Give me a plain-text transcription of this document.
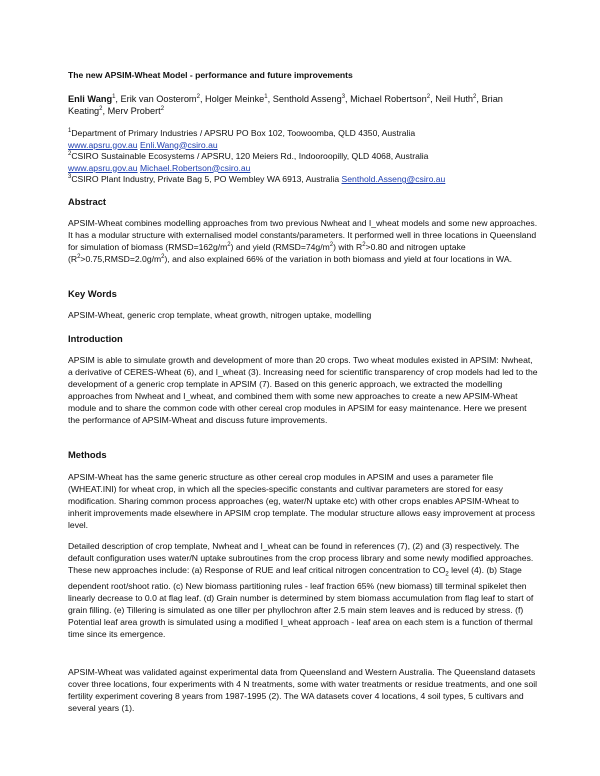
The new APSIM-Wheat Model - performance and future improvements
Enli Wang$^1$, Erik van Oosterom$^2$, Holger Meinke$^1$, Senthold Asseng$^3$, Michael Robertson$^2$, Neil Huth$^2$, Brian Keating$^2$, Merv Probert$^2$

$^1$Department of Primary Industries / APSRU PO Box 102, Toowoomba, QLD 4350, Australia

www.apsru.gov.au Enli.Wang@csiro.au

$^2$CSIRO Sustainable Ecosystems / APSRU, 120 Meiers Rd., Indooroopilly, QLD 4068, Australia

www.apsru.gov.au Michael.Robertson@csiro.au

$^3$CSIRO Plant Industry, Private Bag 5, PO Wembley WA 6913, Australia Senthold.Asseng@csiro.au

Abstract
APSIM-Wheat combines modelling approaches from two previous Nwheat and I_wheat models and some new approaches. It has a modular structure with externalised model constants/parameters. It performed well in three locations in Queensland for simulation of biomass $(RMSD=162g/m^2)$ and yield $(RMSD=74g/m^2)$ with $R^2>0.80$ and nitrogen uptake $(R^2>0.75,RMSD=2.0g/m^2)$, and also explained 66% of the variation in both biomass and yield at four locations in WA.
Key Words
APSIM-Wheat, generic crop template, wheat growth, nitrogen uptake, modelling
Introduction
APSIM is able to simulate growth and development of more than 20 crops. Two wheat modules existed in APSIM: Nwheat, a derivative of CERES-Wheat (6), and I_wheat (3). Increasing need for scientific transparency of crop models had led to the development of a generic crop template in APSIM (7). Based on this generic approach, we extracted the modelling approaches from Nwheat and I_wheat, and combined them with some new approaches to create a new APSIM-Wheat module and to share the common code with other cereal crop modules in APSIM for easy maintenance. Here we present the performance of APSIM-Wheat and discuss future improvements.
Methods
APSIM-Wheat has the same generic structure as other cereal crop modules in APSIM and uses a parameter file (WHEAT.INI) for wheat crop, in which all the species-specific constants and cultivar parameters are stored for easy modification. Sharing common process approaches (eg, water/N uptake etc) with other crops enables APSIM-Wheat to inherit improvements made elsewhere in APSIM crop template. The modular structure allows easy improvement at process level.
Detailed description of crop template, Nwheat and I_wheat can be found in references (7), (2) and (3) respectively. The default configuration uses water/N uptake subroutines from the crop process library and some newly modified approaches. These new approaches include: (a) Response of RUE and leaf critical nitrogen concentration to $CO_2$ level (4). (b) Stage dependent root/shoot ratio. (c) New biomass partitioning rules - leaf fraction 65% (new biomass) till terminal spikelet then linearly decrease to 0.0 at flag leaf. (d) Grain number is determined by stem biomass accumulation from flag leaf to start of grain filling. (e) Tillering is simulated as one tiller per phyllochron after 2.5 main stem leaves and is reduced by stress. (f) Potential leaf area growth is simulated using a modified I_wheat approach - leaf area on each stem is a function of thermal time since its emergence.
APSIM-Wheat was validated against experimental data from Queensland and Western Australia. The Queensland datasets cover three locations, four experiments with 4 N treatments, some with water treatments or residue treatments, and one soil fertility experiment covering 8 years from 1987-1995 (2). The WA datasets cover 4 locations, 4 soil types, 5 cultivars and several years (1).
